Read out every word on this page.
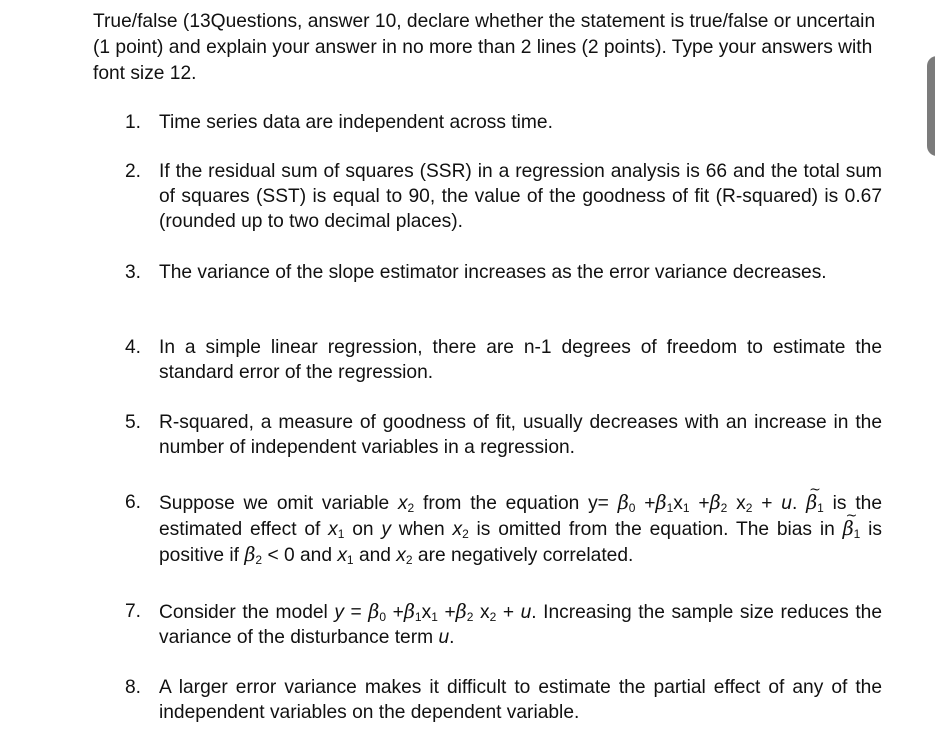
True/false (13Questions, answer 10, declare whether the statement is true/false or uncertain (1 point) and explain your answer in no more than 2 lines (2 points). Type your answers with font size 12.

1. Time series data are independent across time.
2. If the residual sum of squares (SSR) in a regression analysis is 66 and the total sum of squares (SST) is equal to 90, the value of the goodness of fit (R-squared) is 0.67 (rounded up to two decimal places).
3. The variance of the slope estimator increases as the error variance decreases.
4. In a simple linear regression, there are n-1 degrees of freedom to estimate the standard error of the regression.
5. R-squared, a measure of goodness of fit, usually decreases with an increase in the number of independent variables in a regression.
6. Suppose we omit variable $x_2$ from the equation $y= \beta_0 +\beta_1x_1 +\beta_2$ $x_2 + u$. ~ $\beta_1$ is the estimated effect of $x_1$ on y when $x_2$ is omitted from the equation. The bias in ~ $\beta_1$ is positive if $\beta_2 < 0$ and $x_1$ and $x_2$ are negatively correlated.
7. Consider the model $y = \beta_0 +\beta_1x_1 +\beta_2$ $x_2 + u$. Increasing the sample size reduces the variance of the disturbance term u.
8. A larger error variance makes it difficult to estimate the partial effect of any of the independent variables on the dependent variable.
